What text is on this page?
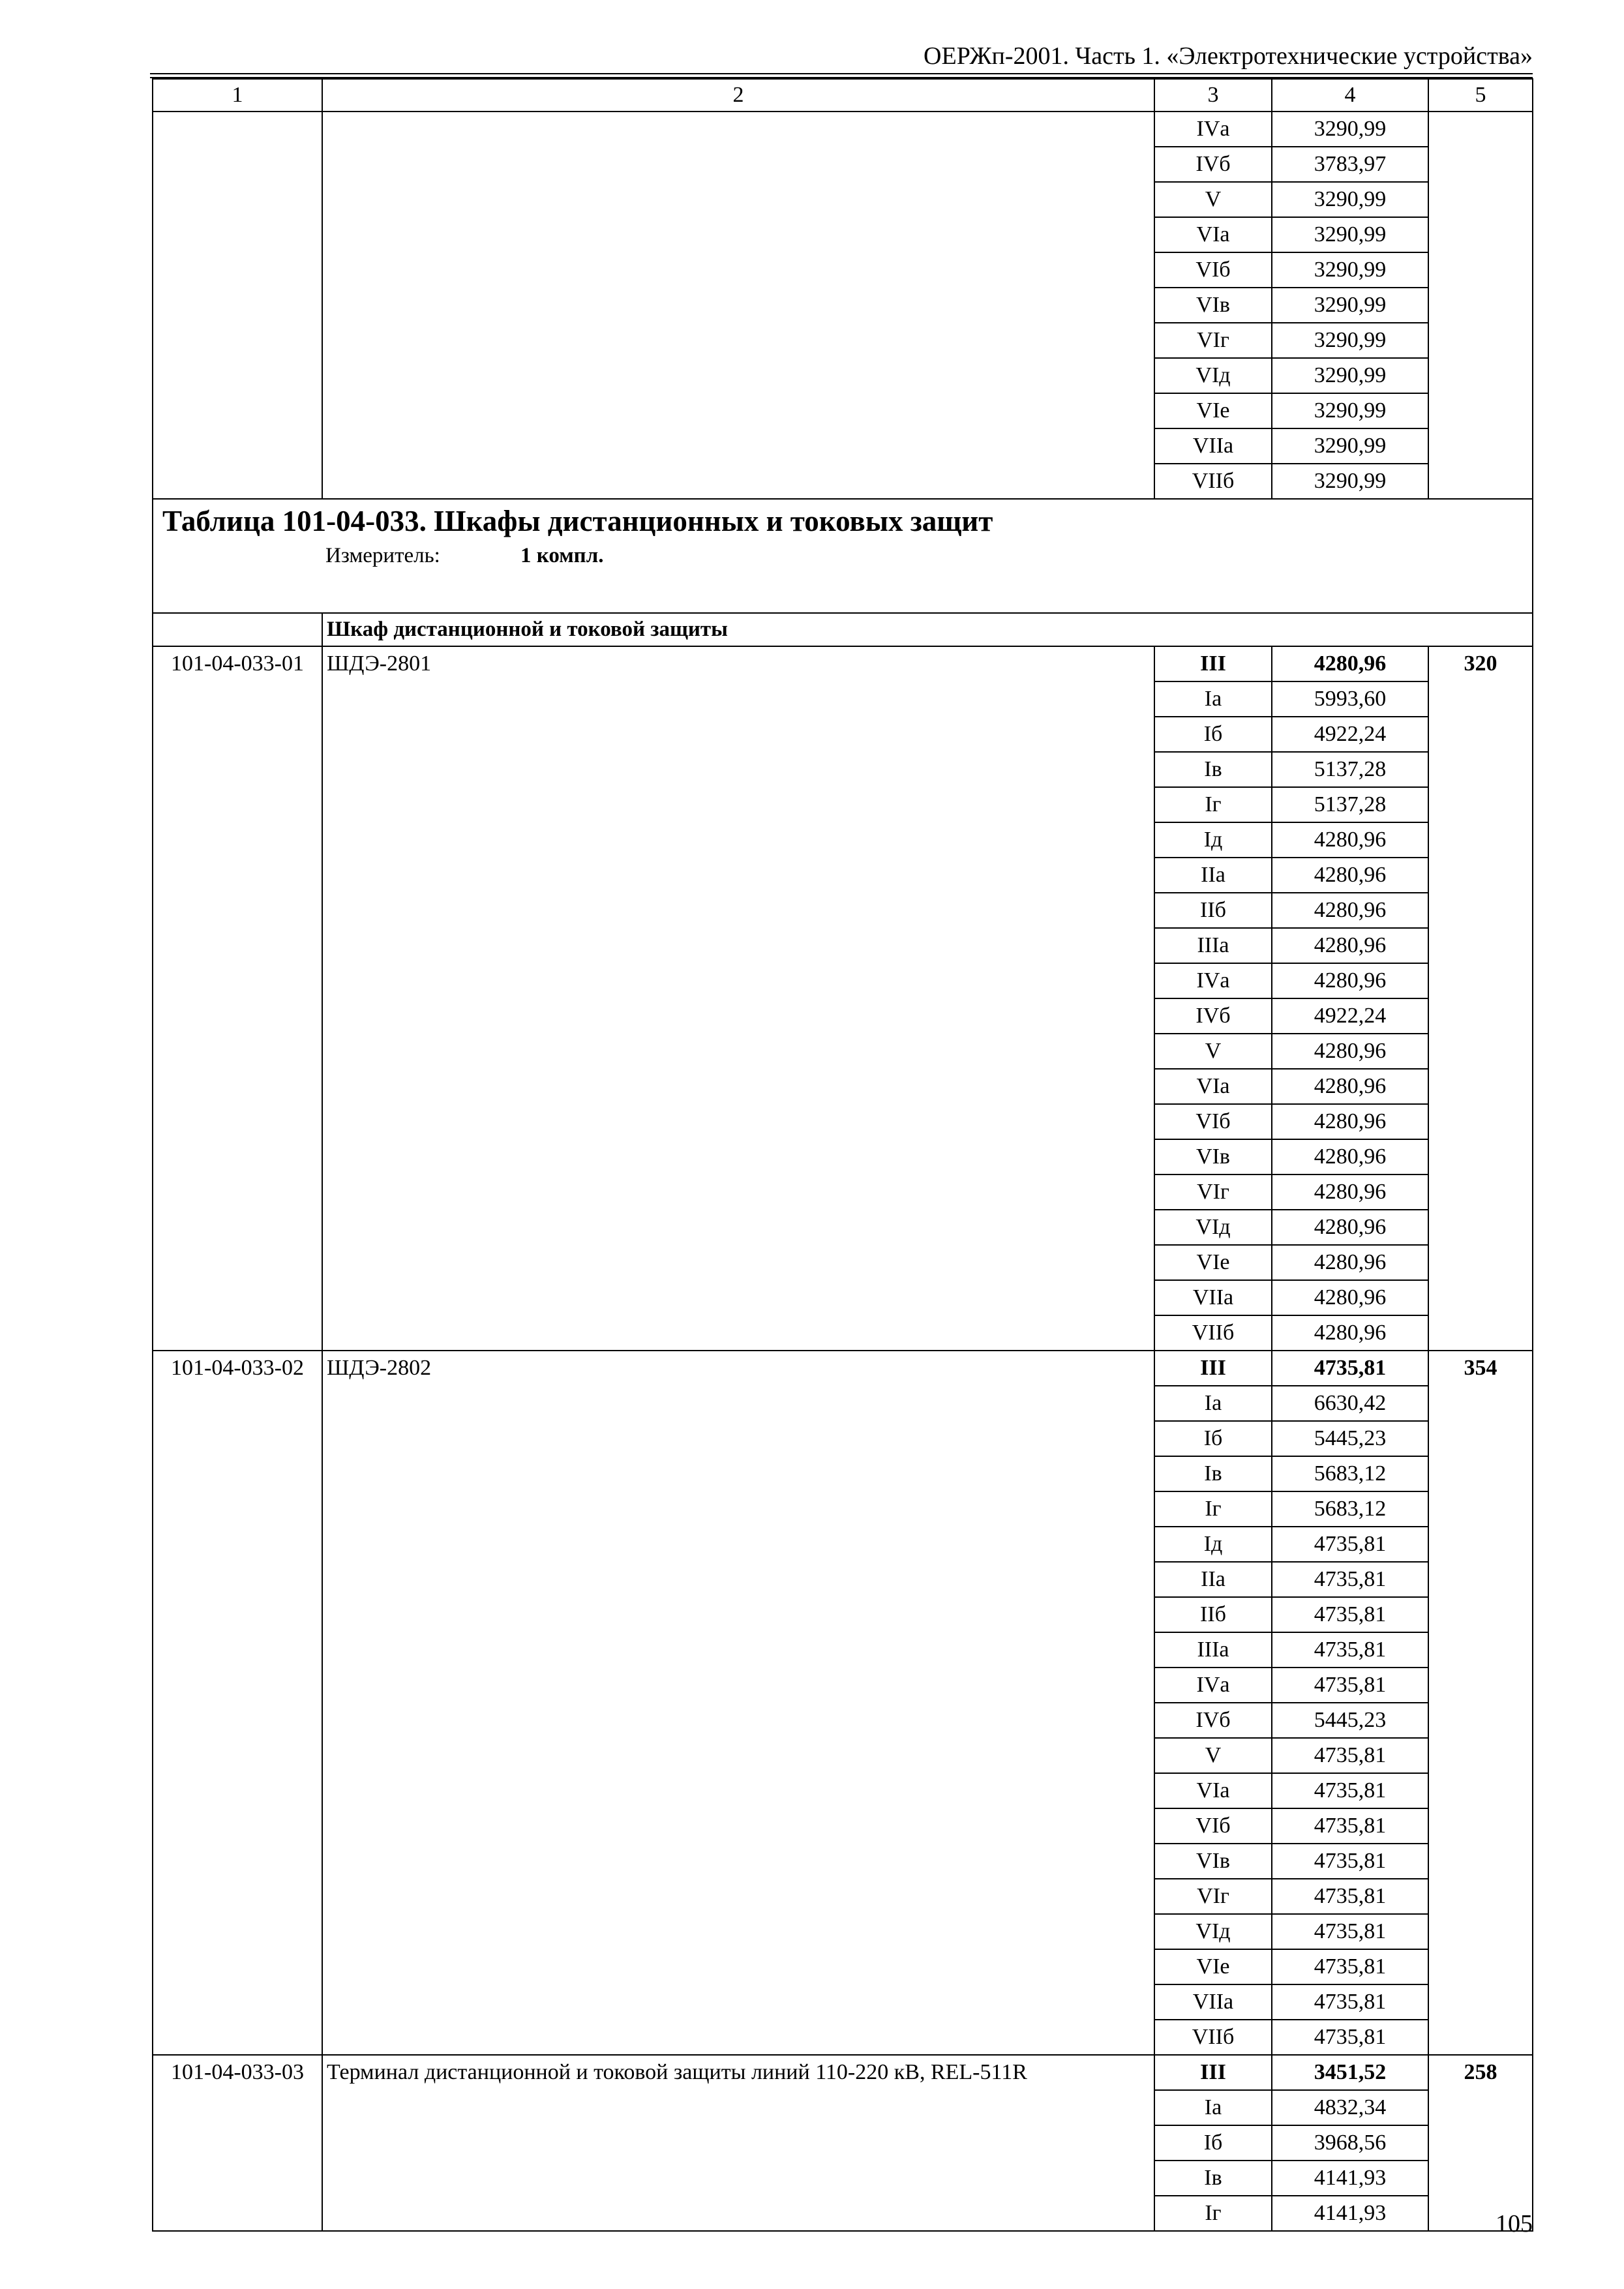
ОЕРЖп-2001. Часть 1. «Электротехнические устройства»
1	2	3	4	5
		IVа	3290,99	
		IVб	3783,97	
		V	3290,99	
		VIа	3290,99	
		VIб	3290,99	
		VIв	3290,99	
		VIг	3290,99	
		VIд	3290,99	
		VIе	3290,99	
		VIIа	3290,99	
		VIIб	3290,99	

Таблица 101-04-033. Шкафы дистанционных и токовых защит
Измеритель: 1 компл.				

	Шкаф дистанционной и токовой защиты			
101-04-033-01	ШДЭ-2801	III	4280,96	320
		Iа	5993,60	
		Iб	4922,24	
		Iв	5137,28	
		Iг	5137,28	
		Iд	4280,96	
		IIа	4280,96	
		IIб	4280,96	
		IIIа	4280,96	
		IVа	4280,96	
		IVб	4922,24	
		V	4280,96	
		VIа	4280,96	
		VIб	4280,96	
		VIв	4280,96	
		VIг	4280,96	
		VIд	4280,96	
		VIе	4280,96	
		VIIа	4280,96	
		VIIб	4280,96	
101-04-033-02	ШДЭ-2802	III	4735,81	354
		Iа	6630,42	
		Iб	5445,23	
		Iв	5683,12	
		Iг	5683,12	
		Iд	4735,81	
		IIа	4735,81	
		IIб	4735,81	
		IIIа	4735,81	
		IVа	4735,81	
		IVб	5445,23	
		V	4735,81	
		VIа	4735,81	
		VIб	4735,81	
		VIв	4735,81	
		VIг	4735,81	
		VIд	4735,81	
		VIе	4735,81	
		VIIа	4735,81	
		VIIб	4735,81	
101-04-033-03	Терминал дистанционной и токовой защиты линий 110-220 кВ, REL-511R	III	3451,52	258
		Iа	4832,34	
		Iб	3968,56	
		Iв	4141,93	
		Iг	4141,93		105
